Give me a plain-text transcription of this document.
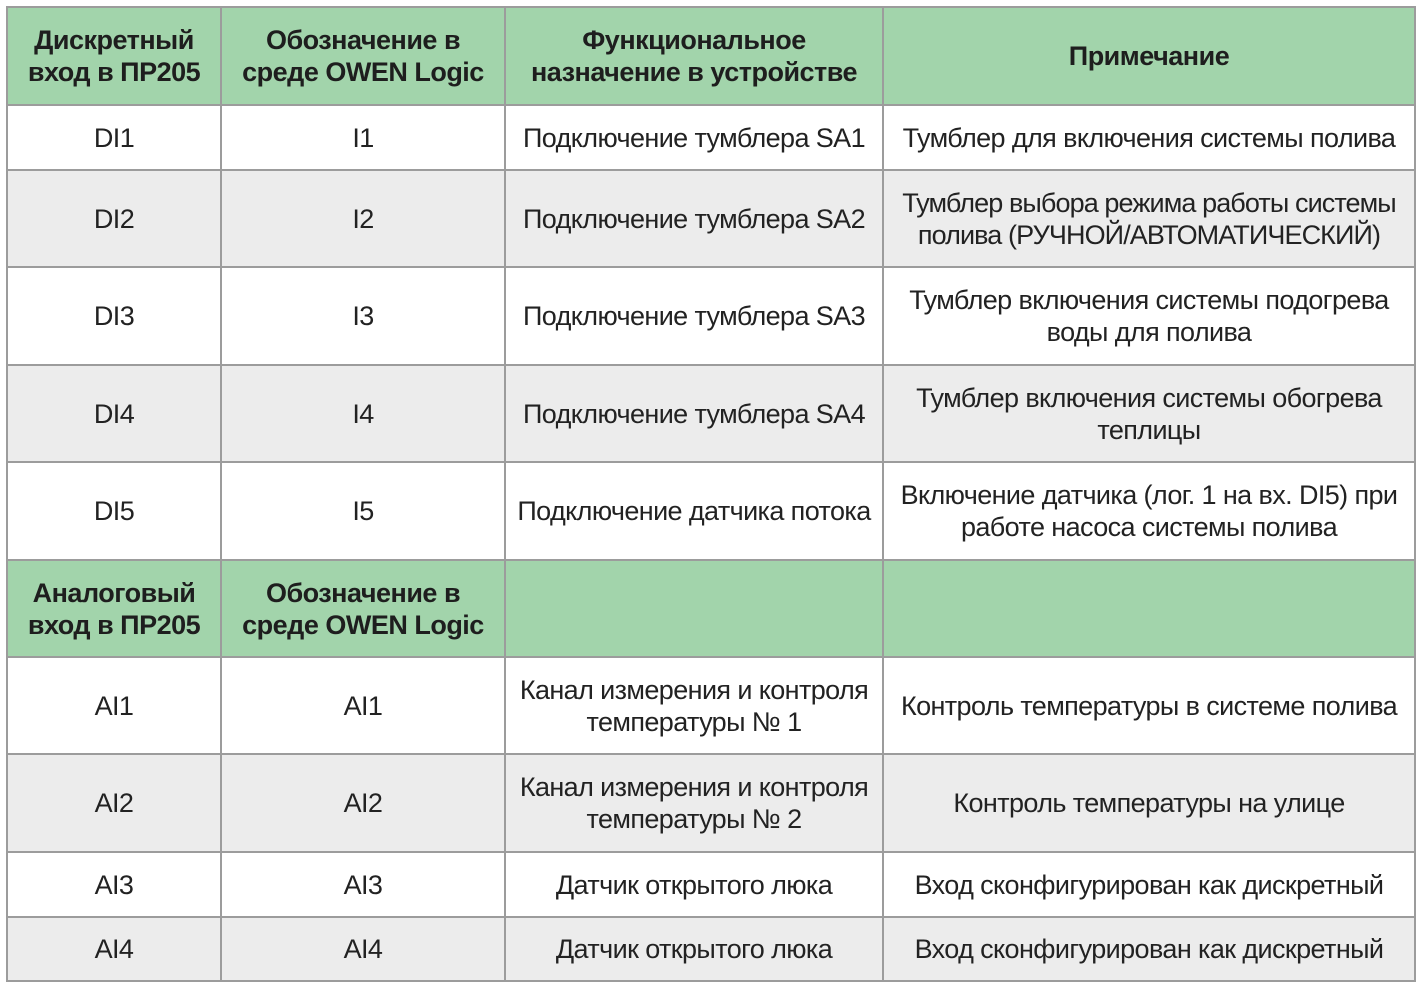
Дискретный вход в ПР205	Обозначение в среде OWEN Logic	Функциональное назначение в устройстве	Примечание
DI1	I1	Подключение тумблера SA1	Тумблер для включения системы полива
DI2	I2	Подключение тумблера SA2	Тумблер выбора режима работы системы полива (РУЧНОЙ/АВТОМАТИЧЕСКИЙ)
DI3	I3	Подключение тумблера SA3	Тумблер включения системы подогрева воды для полива
DI4	I4	Подключение тумблера SA4	Тумблер включения системы обогрева теплицы
DI5	I5	Подключение датчика потока	Включение датчика (лог. 1 на вх. DI5) при работе насоса системы полива
Аналоговый вход в ПР205	Обозначение в среде OWEN Logic		
AI1	AI1	Канал измерения и контроля температуры № 1	Контроль температуры в системе полива
AI2	AI2	Канал измерения и контроля температуры № 2	Контроль температуры на улице
AI3	AI3	Датчик открытого люка	Вход сконфигурирован как дискретный
AI4	AI4	Датчик открытого люка	Вход сконфигурирован как дискретный
